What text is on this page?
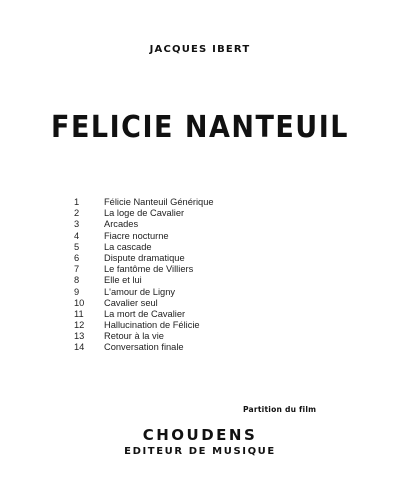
JACQUES IBERT
FELICIE NANTEUIL
1	Félicie Nanteuil Générique
2	La loge de Cavalier
3	Arcades
4	Fiacre nocturne
5	La cascade
6	Dispute dramatique
7	Le fantôme de Villiers
8	Elle et lui
9	L'amour de Ligny
10	Cavalier seul
11	La mort de Cavalier
12	Hallucination de Félicie
13	Retour à la vie
14	Conversation finale
Partition du film
CHOUDENS
EDITEUR DE MUSIQUE
